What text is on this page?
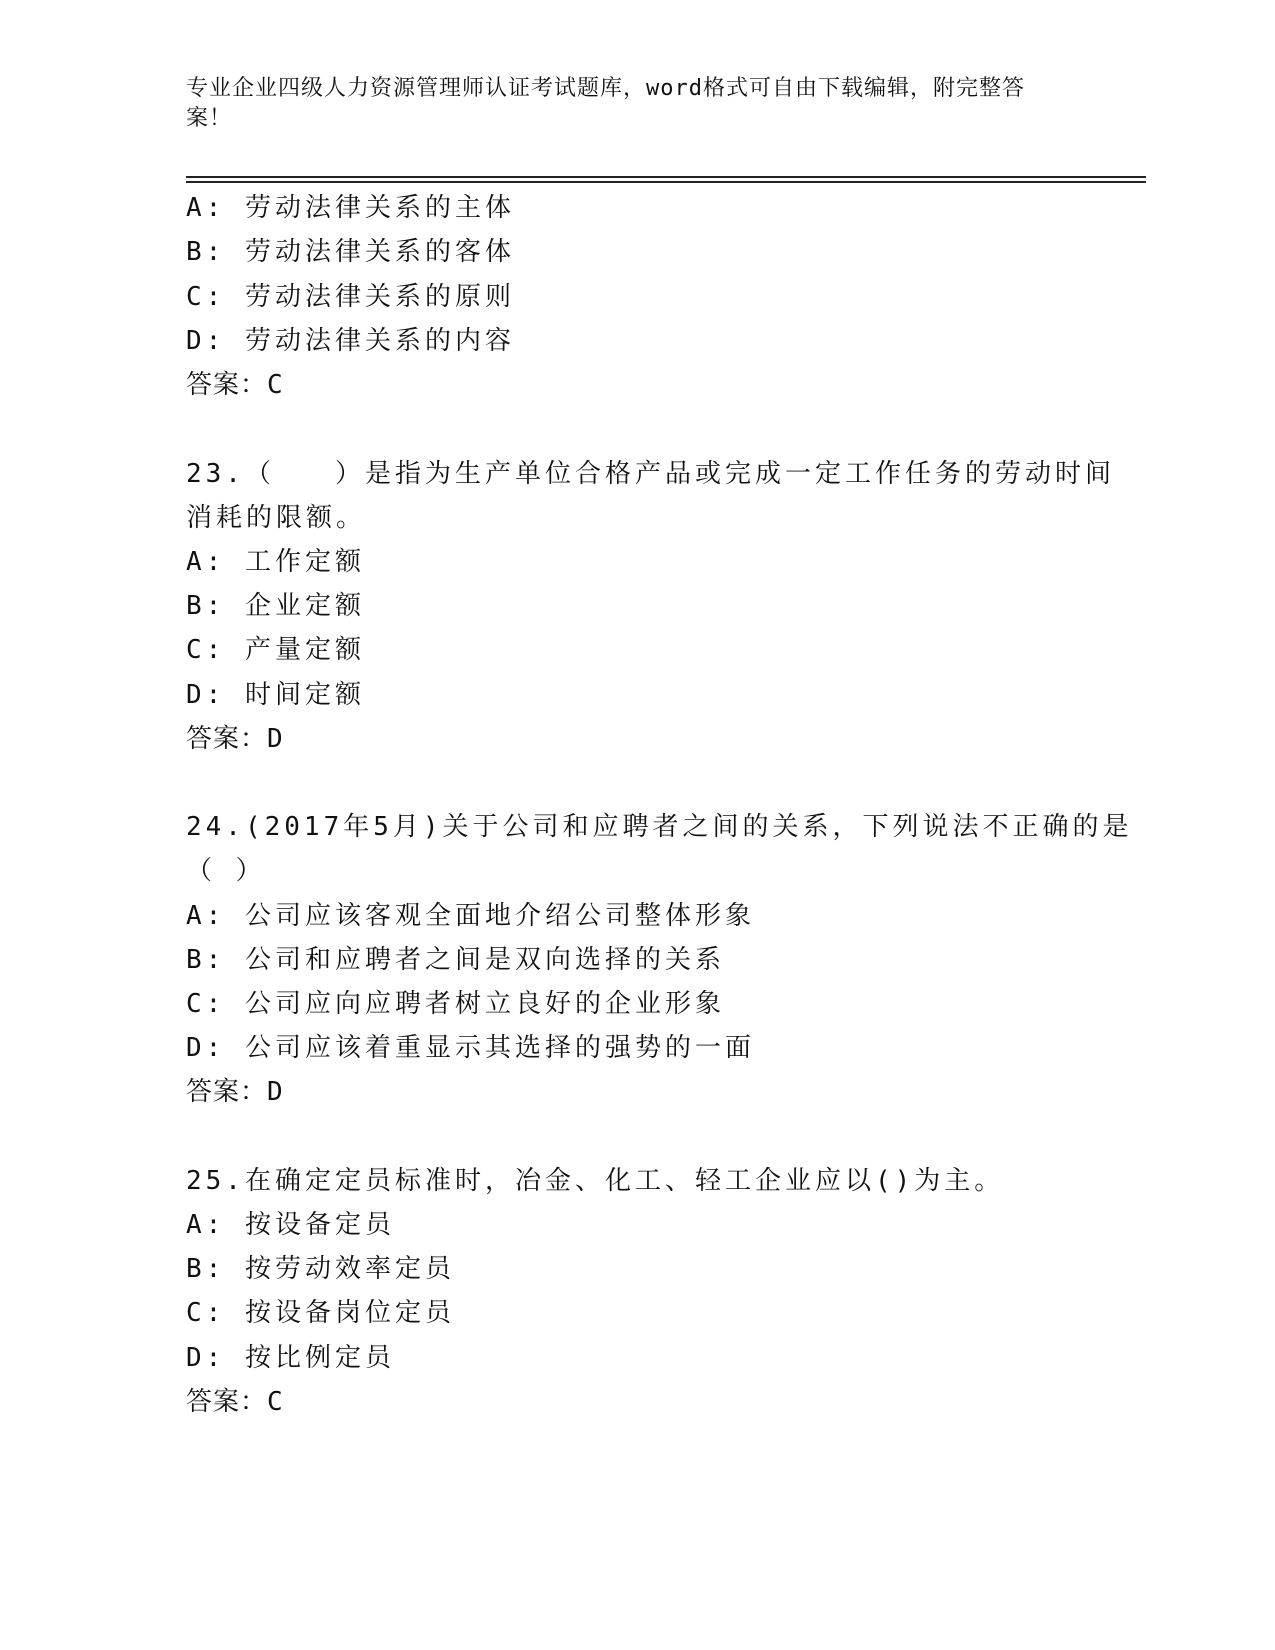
专业企业四级人力资源管理师认证考试题库，word格式可自由下载编辑，附完整答案！
A: 劳动法律关系的主体
B: 劳动法律关系的客体
C: 劳动法律关系的原则
D: 劳动法律关系的内容
答案：C
23.（　　）是指为生产单位合格产品或完成一定工作任务的劳动时间
消耗的限额。
A: 工作定额
B: 企业定额
C: 产量定额
D: 时间定额
答案：D
24.(2017年5月)关于公司和应聘者之间的关系，下列说法不正确的是
（ ）
A: 公司应该客观全面地介绍公司整体形象
B: 公司和应聘者之间是双向选择的关系
C: 公司应向应聘者树立良好的企业形象
D: 公司应该着重显示其选择的强势的一面
答案：D
25.在确定定员标准时，冶金、化工、轻工企业应以()为主。
A: 按设备定员
B: 按劳动效率定员
C: 按设备岗位定员
D: 按比例定员
答案：C
